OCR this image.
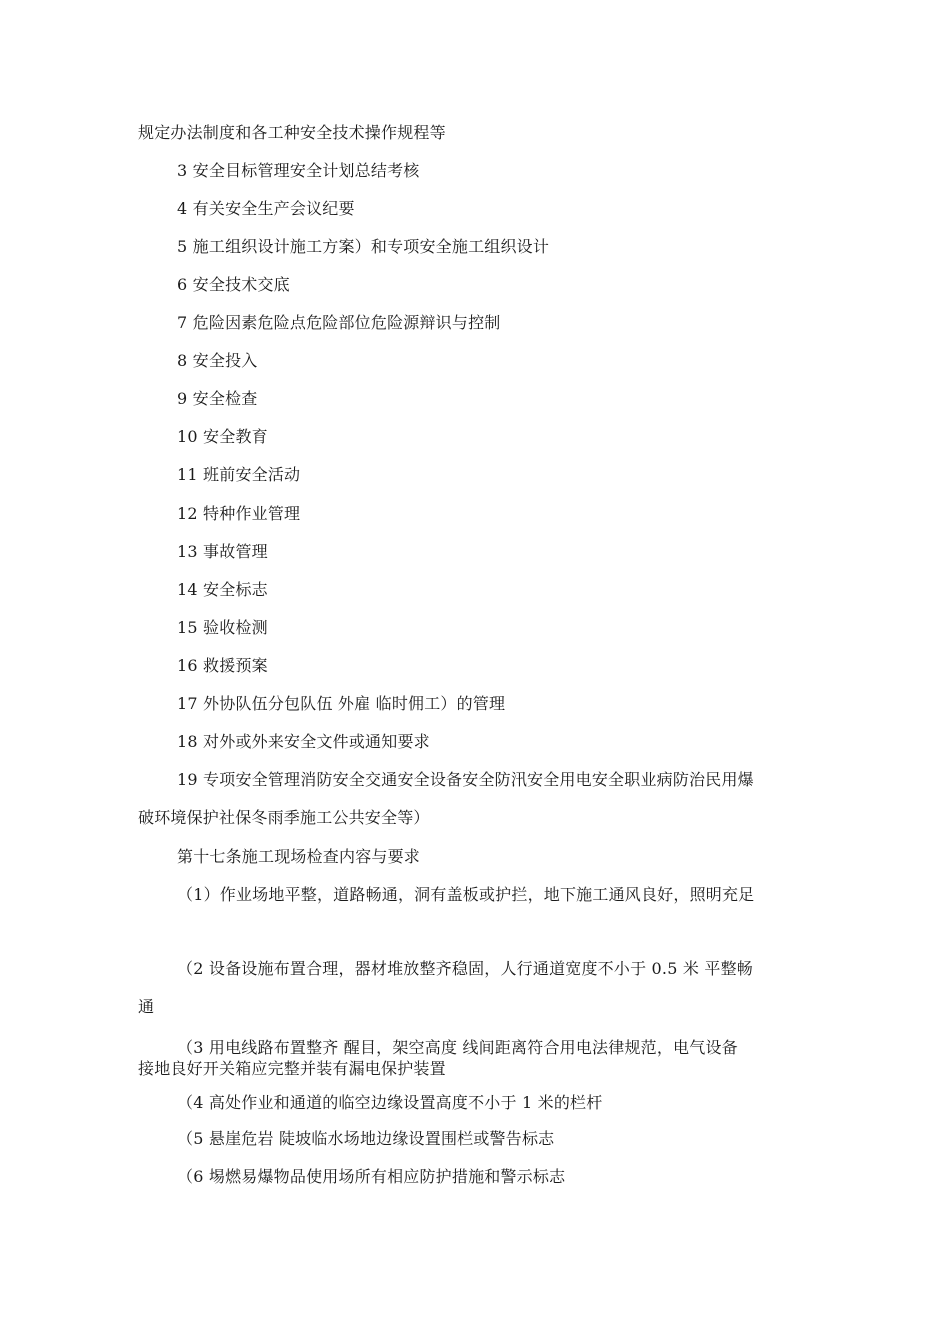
规定办法制度和各工种安全技术操作规程等
3 安全目标管理安全计划总结考核
4 有关安全生产会议纪要
5 施工组织设计施工方案）和专项安全施工组织设计
6 安全技术交底
7 危险因素危险点危险部位危险源辩识与控制
8 安全投入
9 安全检查
10 安全教育
11 班前安全活动
12 特种作业管理
13 事故管理
14 安全标志
15 验收检测
16 救援预案
17 外协队伍分包队伍 外雇 临时佣工）的管理
18 对外或外来安全文件或通知要求
19 专项安全管理消防安全交通安全设备安全防汛安全用电安全职业病防治民用爆
破环境保护社保冬雨季施工公共安全等）
第十七条施工现场检查内容与要求
（1）作业场地平整，道路畅通，洞有盖板或护拦，地下施工通风良好，照明充足
（2 设备设施布置合理，器材堆放整齐稳固，人行通道宽度不小于 0.5 米 平整畅
通
（3 用电线路布置整齐 醒目，架空高度 线间距离符合用电法律规范，电气设备
接地良好开关箱应完整并装有漏电保护装置
（4 高处作业和通道的临空边缘设置高度不小于 1 米的栏杆
（5 悬崖危岩 陡坡临水场地边缘设置围栏或警告标志
（6 埸燃易爆物品使用场所有相应防护措施和警示标志
